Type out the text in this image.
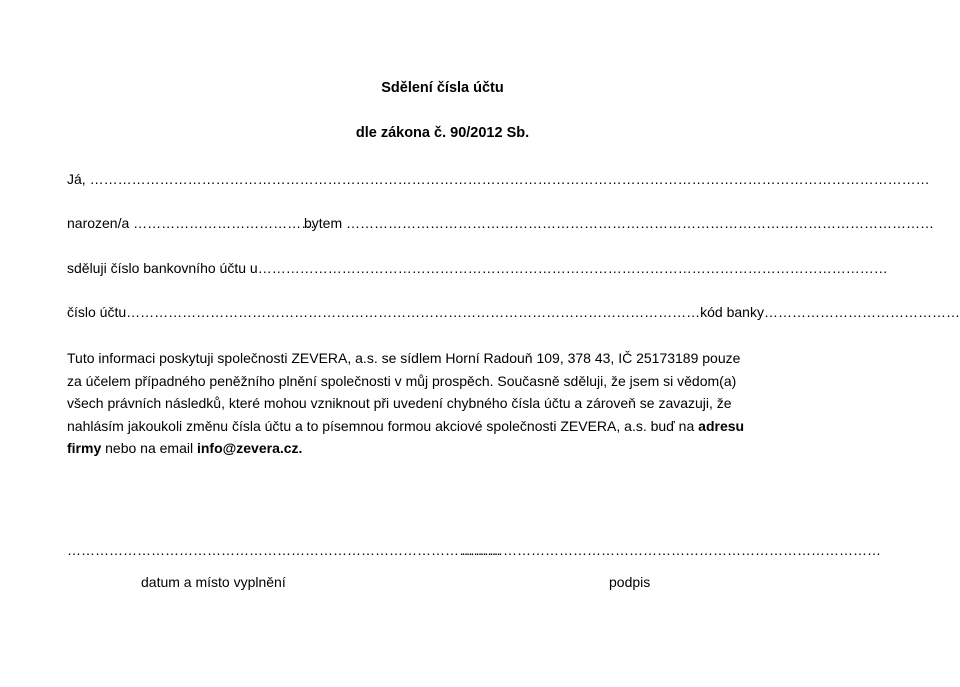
Sdělení čísla účtu
dle zákona č. 90/2012 Sb.
Já, ………………………………………………………………………………………………………………………………………………………………
narozen/a …………………………………
bytem ………………………………………………………………………………………………………………
sděluji číslo bankovního účtu u………………………………………………………………………………………………………………………
číslo účtu……………………………………………………………………………………………………………kód banky……………………………………
Tuto informaci poskytuji společnosti ZEVERA, a.s. se sídlem Horní Radouň 109, 378 43, IČ 25173189 pouze
za účelem případného peněžního plnění společnosti v můj prospěch. Současně sděluji, že jsem si vědom(a)
všech právních následků, které mohou vzniknout při uvedení chybného čísla účtu a zároveň se zavazuji, že
nahlásím jakoukoli změnu čísla účtu a to písemnou formou akciové společnosti ZEVERA, a.s. buď na adresu
firmy nebo na email info@zevera.cz.
…………………………………………………………………………………
………………………………………………………………………………
datum a místo vyplnění	podpis
